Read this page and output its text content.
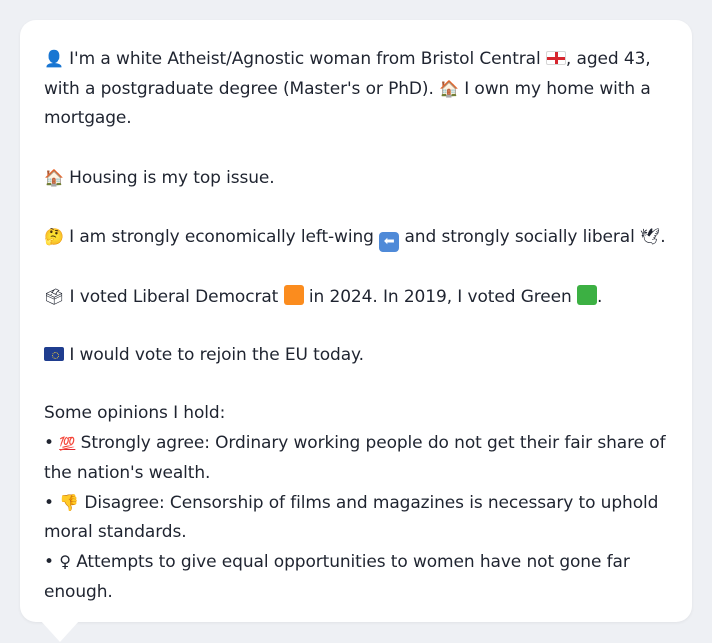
👤 I'm a white Atheist/Agnostic woman from Bristol Central , aged 43,
with a postgraduate degree (Master's or PhD). 🏠 I own my home with a
mortgage.
🏠 Housing is my top issue.
🤔 I am strongly economically left-wing ⬅ and strongly socially liberal 🕊.
🗳 I voted Liberal Democrat in 2024. In 2019, I voted Green .
I would vote to rejoin the EU today.
Some opinions I hold:
• 💯 Strongly agree: Ordinary working people do not get their fair share of
the nation's wealth.
• 👎 Disagree: Censorship of films and magazines is necessary to uphold
moral standards.
• ♀ Attempts to give equal opportunities to women have not gone far
enough.
